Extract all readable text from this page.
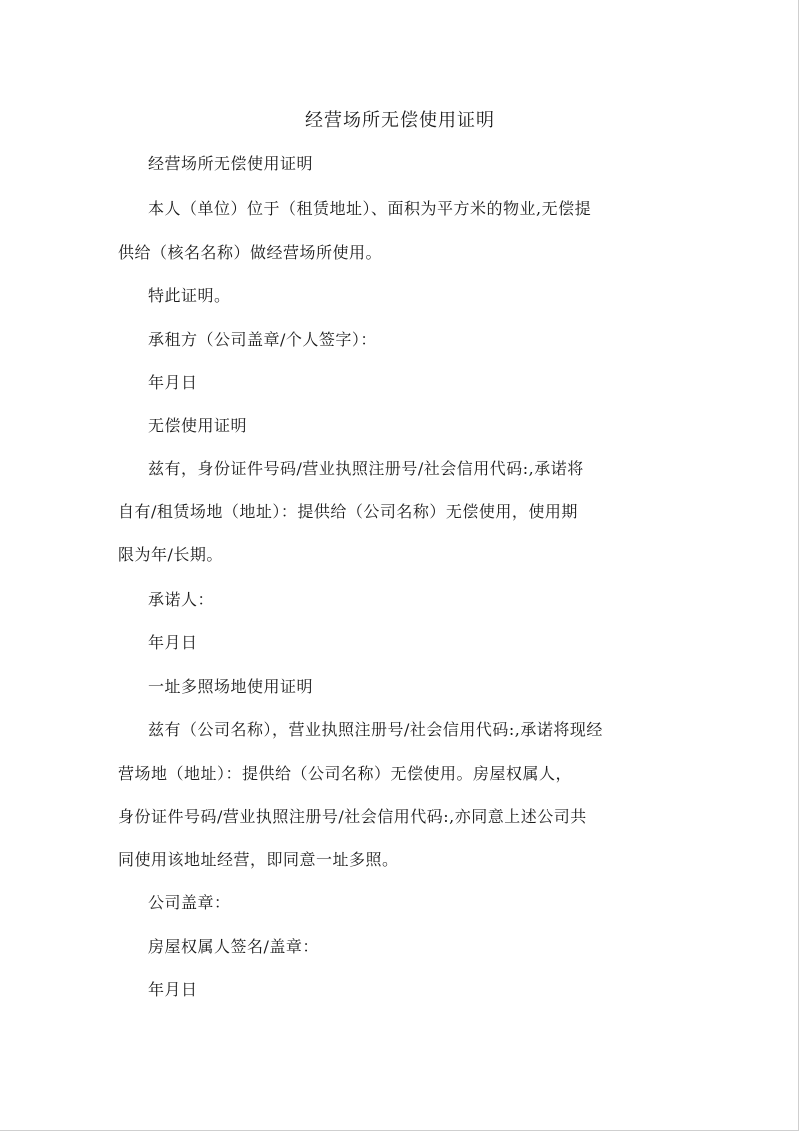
经营场所无偿使用证明
经营场所无偿使用证明
本人（单位）位于（租赁地址）、面积为平方米的物业,无偿提
供给（核名名称）做经营场所使用。
特此证明。
承租方（公司盖章/个人签字）：
年月日
无偿使用证明
兹有，身份证件号码/营业执照注册号/社会信用代码:,承诺将
自有/租赁场地（地址）：提供给（公司名称）无偿使用，使用期
限为年/长期。
承诺人：
年月日
一址多照场地使用证明
兹有（公司名称），营业执照注册号/社会信用代码:,承诺将现经
营场地（地址）：提供给（公司名称）无偿使用。房屋权属人，
身份证件号码/营业执照注册号/社会信用代码:,亦同意上述公司共
同使用该地址经营，即同意一址多照。
公司盖章：
房屋权属人签名/盖章：
年月日
